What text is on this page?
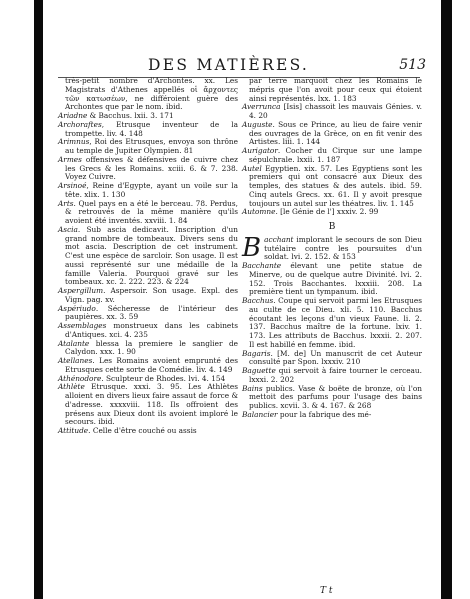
DES MATIÈRES.	513

très-petit nombre d'Archontes. xx. Les Magistrats d'Athenes appellés οἱ ἄρχοντες τῶν κατωσέων, ne différoient guère des Archontes que par le nom. ibid.

Ariadne & Bacchus. lxii. 3. 171

Archoraftes, Etrusque inventeur de la trompette. liv. 4. 148

Arimnus, Roi des Etrusques, envoya son thrône au temple de Jupiter Olympien. 81

Armes offensives & défensives de cuivre chez les Grecs & les Romains. xciii. 6. & 7. 238. Voyez Cuivre.

Arsinoé, Reine d'Egypte, ayant un voile sur la tête. xlix. 1. 130

Arts. Quel pays en a été le berceau. 78. Perdus, & retrouvés de la même manière qu'ils avoient été inventés. xxviii. 1. 84

Ascia. Sub ascia dedicavit. Inscription d'un grand nombre de tombeaux. Divers sens du mot ascia. Description de cet instrument. C'est une espèce de sarcloir. Son usage. Il est aussi représenté sur une médaille de la famille Valeria. Pourquoi gravé sur les tombeaux. xc. 2. 222. 223. & 224

Aspergillum. Aspersoir. Son usage. Expl. des Vign. pag. xv.

Aspériudo. Sécheresse de l'intérieur des paupières. xx. 3. 59

Assemblages monstrueux dans les cabinets d'Antiques. xci. 4. 235

Atalante blessa la premiere le sanglier de Calydon. xxx. 1. 90

Atellanes. Les Romains avoient emprunté des Etrusques cette sorte de Comédie. liv. 4. 149

Athénodore. Sculpteur de Rhodes. lvi. 4. 154

Athlète Etrusque. xxxi. 3. 95. Les Athlètes alloient en divers lieux faire assaut de force & d'adresse. xxxxviii. 118. Ils offroient des présens aux Dieux dont ils avoient imploré le secours. ibid.

Attitude. Celle d'être couché ou assis

par terre marquoit chez les Romains le mépris que l'on avoit pour ceux qui étoient ainsi représentés. lxx. 1. 183

Averrunca [Isis] chassoit les mauvais Génies. v. 4. 20

Auguste. Sous ce Prince, au lieu de faire venir des ouvrages de la Grèce, on en fit venir des Artistes. liii. 1. 144

Aurigator. Cocher du Cirque sur une lampe sépulchrale. lxxii. 1. 187

Autel Egyptien. xix. 57. Les Egyptiens sont les premiers qui ont consacré aux Dieux des temples, des statues & des autels. ibid. 59. Cinq autels Grecs. xx. 61. Il y avoit presque toujours un autel sur les théatres. liv. 1. 145

Automne. [le Génie de l'] xxxiv. 2. 99

B

Bacchant implorant le secours de son Dieu tutélaire contre les poursuites d'un soldat. lvi. 2. 152. & 153

Bacchante élevant une petite statue de Minerve, ou de quelque autre Divinité. lvi. 2. 152. Trois Bacchantes. lxxxiii. 208. La première tient un tympanum. ibid.

Bacchus. Coupe qui servoit parmi les Etrusques au culte de ce Dieu. xli. 5. 110. Bacchus écoutant les leçons d'un vieux Faune. li. 2. 137. Bacchus maître de la fortune. lxiv. 1. 173. Les attributs de Bacchus. lxxxii. 2. 207. Il est habillé en femme. ibid.

Bagaris. [M. de] Un manuscrit de cet Auteur consulté par Spon. lxxxiv. 210

Baguette qui servoit à faire tourner le cerceau. lxxxi. 2. 202

Bains publics. Vase & boëte de bronze, où l'on mettoit des parfums pour l'usage des bains publics. xcvii. 3. & 4. 167. & 268

Balancier pour la fabrique des mé-

T t
